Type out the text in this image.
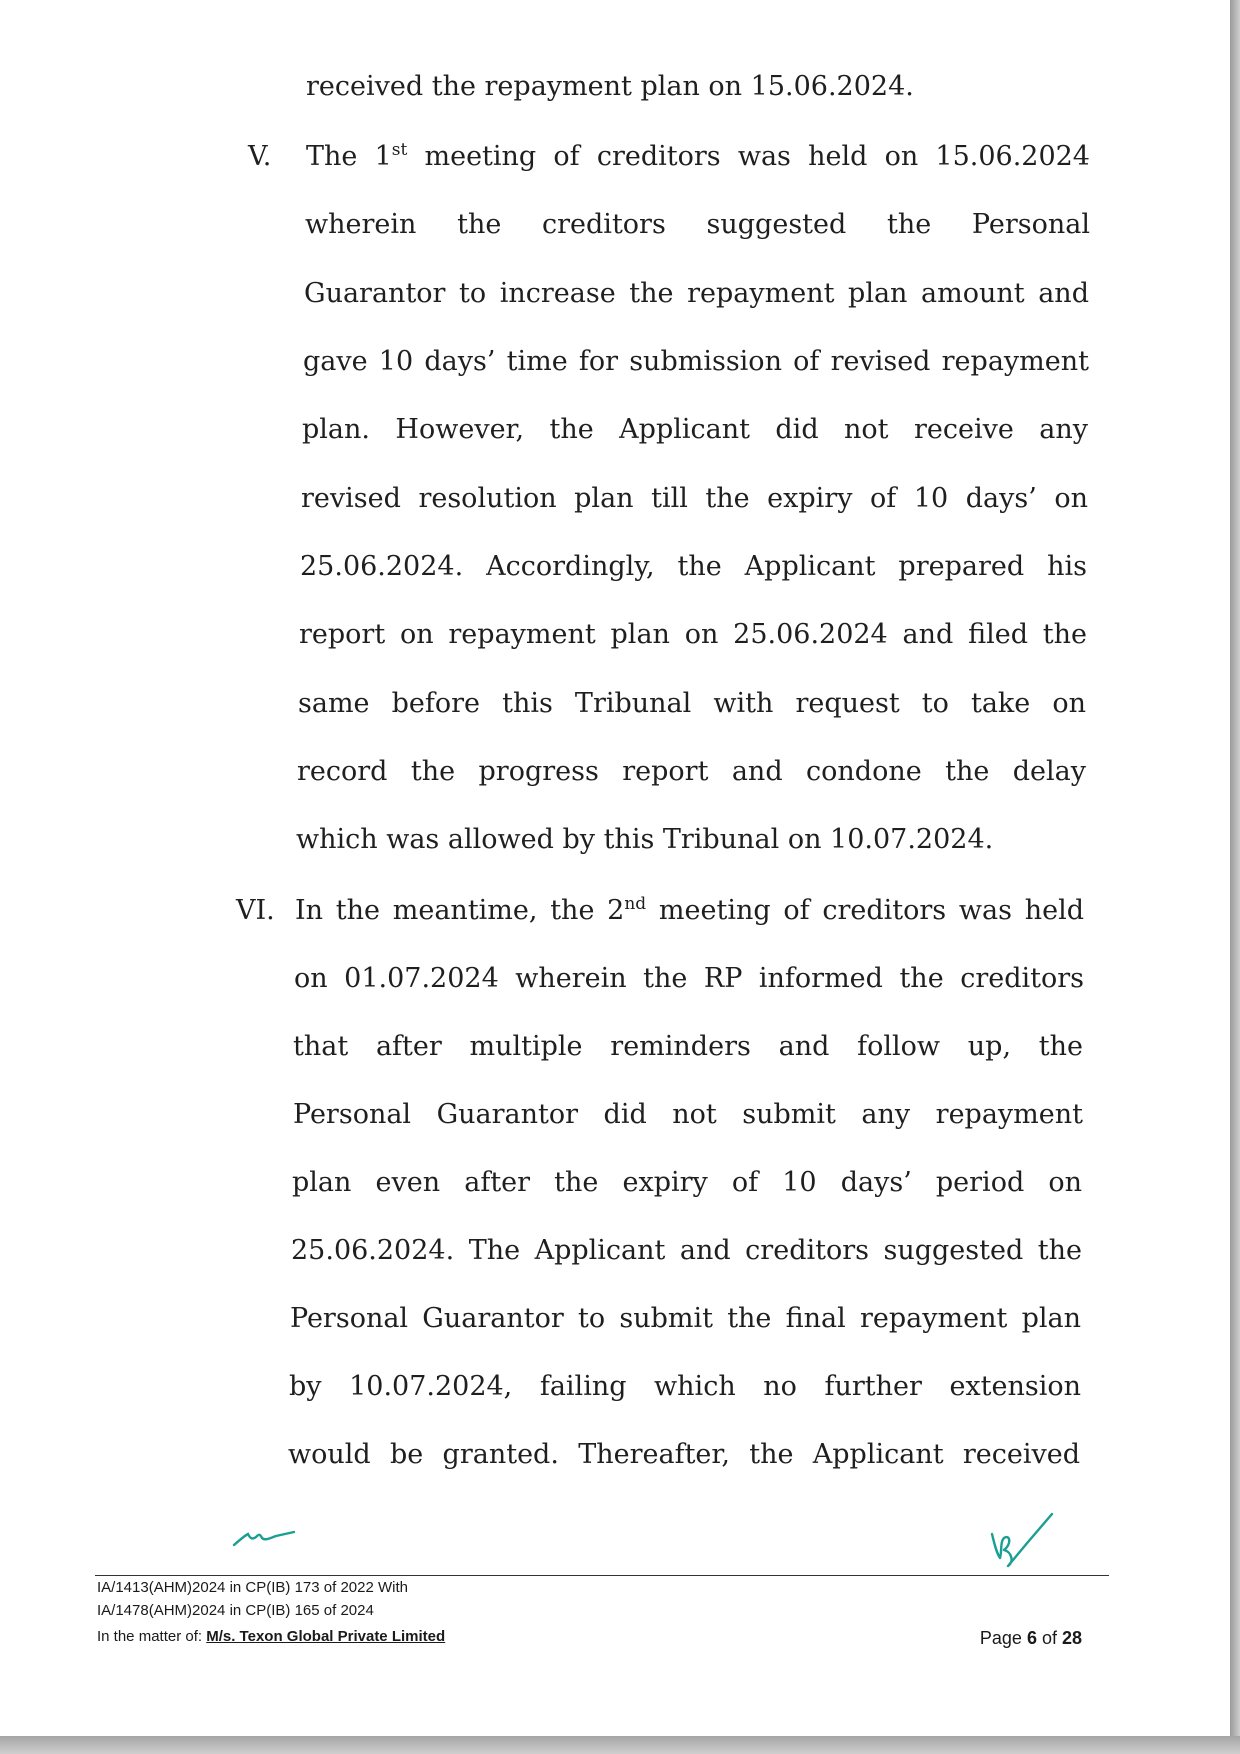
received the repayment plan on 15.06.2024.
V. The 1st meeting of creditors was held on 15.06.2024
wherein the creditors suggested the Personal
Guarantor to increase the repayment plan amount and
gave 10 days’ time for submission of revised repayment
plan. However, the Applicant did not receive any
revised resolution plan till the expiry of 10 days’ on
25.06.2024. Accordingly, the Applicant prepared his
report on repayment plan on 25.06.2024 and filed the
same before this Tribunal with request to take on
record the progress report and condone the delay
which was allowed by this Tribunal on 10.07.2024.
VI. In the meantime, the 2nd meeting of creditors was held
on 01.07.2024 wherein the RP informed the creditors
that after multiple reminders and follow up, the
Personal Guarantor did not submit any repayment
plan even after the expiry of 10 days’ period on
25.06.2024. The Applicant and creditors suggested the
Personal Guarantor to submit the final repayment plan
by 10.07.2024, failing which no further extension
would be granted. Thereafter, the Applicant received
IA/1413(AHM)2024 in CP(IB) 173 of 2022 With
IA/1478(AHM)2024 in CP(IB) 165 of 2024
In the matter of: M/s. Texon Global Private Limited	Page 6 of 28
